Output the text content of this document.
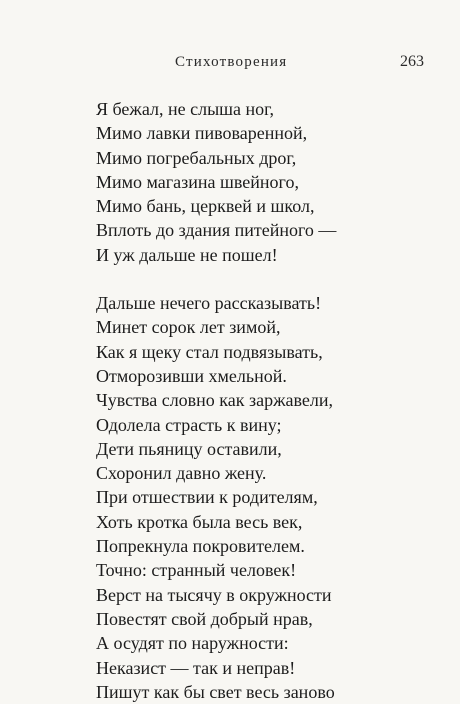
Стихотворения	263
Я бежал, не слыша ног,
Мимо лавки пивоваренной,
Мимо погребальных дрог,
Мимо магазина швейного,
Мимо бань, церквей и школ,
Вплоть до здания питейного —
И уж дальше не пошел!
Дальше нечего рассказывать!
Минет сорок лет зимой,
Как я щеку стал подвязывать,
Отморозивши хмельной.
Чувства словно как заржавели,
Одолела страсть к вину;
Дети пьяницу оставили,
Схоронил давно жену.
При отшествии к родителям,
Хоть кротка была весь век,
Попрекнула покровителем.
Точно: странный человек!
Верст на тысячу в окружности
Повестят свой добрый нрав,
А осудят по наружности:
Неказист — так и неправ!
Пишут как бы свет весь заново
